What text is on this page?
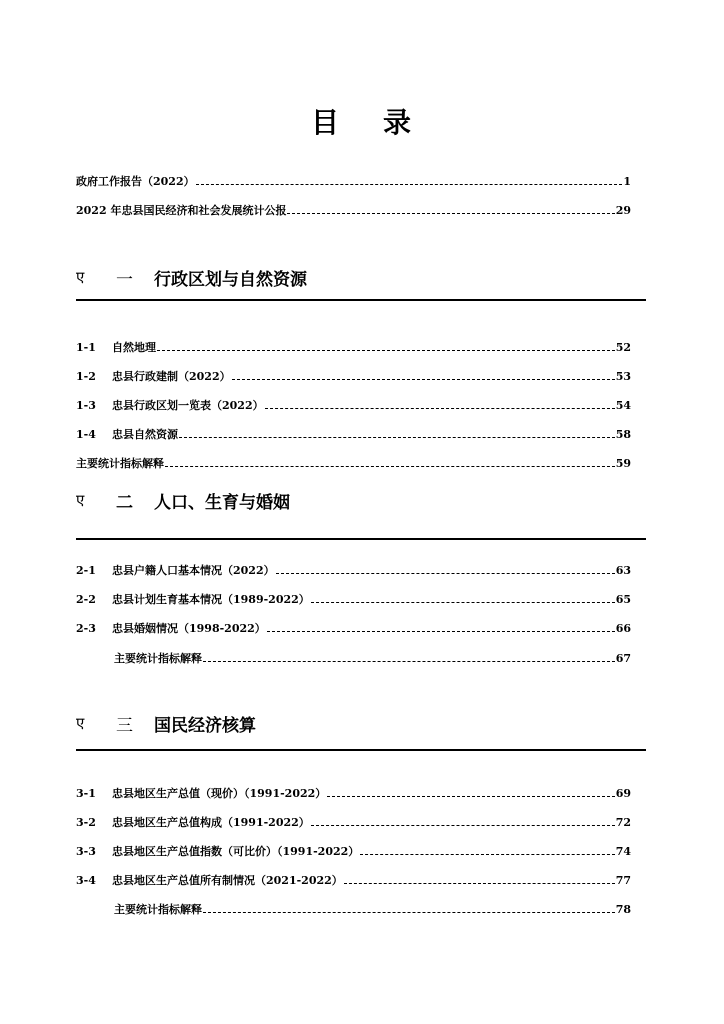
目 录
政府工作报告（2022）	1
2022 年忠县国民经济和社会发展统计公报	29
ए	一	行政区划与自然资源
1-1	自然地理	52
1-2	忠县行政建制（2022）	53
1-3	忠县行政区划一览表（2022）	54
1-4	忠县自然资源	58
主要统计指标解释	59
ए	二	人口、生育与婚姻
2-1	忠县户籍人口基本情况（2022）	63
2-2	忠县计划生育基本情况（1989-2022）	65
2-3	忠县婚姻情况（1998-2022）	66
主要统计指标解释	67
ए	三	国民经济核算
3-1	忠县地区生产总值（现价）（1991-2022）	69
3-2	忠县地区生产总值构成（1991-2022）	72
3-3	忠县地区生产总值指数（可比价）（1991-2022）	74
3-4	忠县地区生产总值所有制情况（2021-2022）	77
主要统计指标解释	78
